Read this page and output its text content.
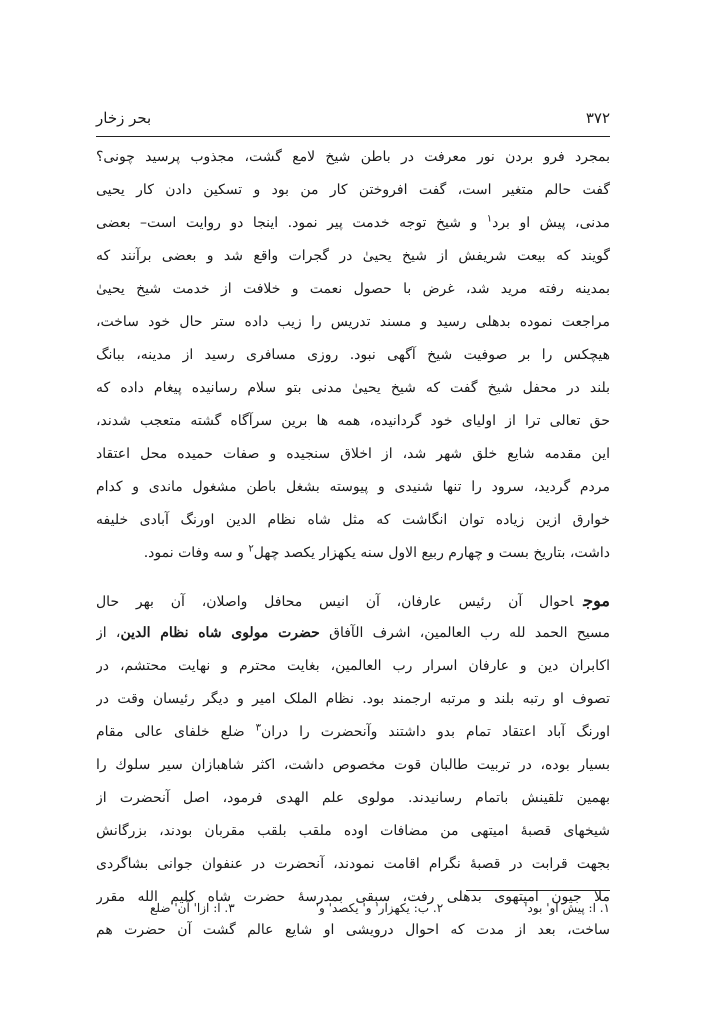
۳۷۲
بحر زخار
بمجرد فرو بردن نور معرفت در باطن شیخ لامع گشت، مجذوب پرسید چونی؟
گفت حالم متغیر است، گفت افروختن کار من بود و تسکین دادن کار یحیی
مدنی، پیش او برد$^۱$ و شیخ توجه خدمت پیر نمود. اینجا دو روایت است– بعضی
گویند که بیعت شریفش از شیخ یحییٰ در گجرات واقع شد و بعضی برآنند که
بمدینه رفته مرید شد، غرض با حصول نعمت و خلافت از خدمت شیخ یحییٰ
مراجعت نموده بدهلی رسید و مسند تدریس را زیب داده ستر حال خود ساخت،
هیچکس را بر صوفیت شیخ آگهی نبود. روزی مسافری رسید از مدینه، ببانگ
بلند در محفل شیخ گفت که شیخ یحییٰ مدنی بتو سلام رسانیده پیغام داده که
حق تعالی ترا از اولیای خود گردانیده، همه ها برین سرآگاه گشته متعجب شدند،
این مقدمه شایع خلق شهر شد، از اخلاق سنجیده و صفات حمیده محل اعتقاد
مردم گردید، سرود را تنها شنیدی و پیوسته بشغل باطن مشغول ماندی و کدام
خوارق ازین زیاده توان انگاشت که مثل شاه نظام الدین اورنگ آبادی خلیفه
داشت، بتاریخ بست و چهارم ربیع الاول سنه یکهزار یکصد چهل$^۲$ و سه وفات نمود.
موجاحوال آن رئیس عارفان، آن انیس محافل واصلان، آن بهر حال
مسیح الحمد لله رب العالمین، اشرف الآفاق حضرت مولوی شاه نظام الدین، از
اکابران دین و عارفان اسرار رب العالمین، بغایت محترم و نهایت محتشم، در
تصوف او رتبه بلند و مرتبه ارجمند بود. نظام الملک امیر و دیگر رئیسان وقت در
اورنگ آباد اعتقاد تمام بدو داشتند وآنحضرت را دران$^۳$ ضلع خلفای عالی مقام
بسیار بوده، در تربیت طالبان قوت مخصوص داشت، اکثر شاهبازان سیر سلوك را
بهمین تلقینش باتمام رسانیدند. مولوی علم الهدی فرمود، اصل آنحضرت از
شیخهای قصبهٔ امیتهی من مضافات اوده ملقب بلقب مقربان بودند، بزرگانش
بجهت قرابت در قصبهٔ نگرام اقامت نمودند، آنحضرت در عنفوان جوانی بشاگردی
ملا جیون امیتهوی بدهلی رفت، سبقی بمدرسهٔ حضرت شاه کلیم الله مقرر
ساخت، بعد از مدت که احوال درویشی او شایع عالم گشت آن حضرت هم
۱. ا: پیش او' بود'
۲. ب: یکهزار' و' یکصد' و'
۳. ا: ازا' آن' ضلع
